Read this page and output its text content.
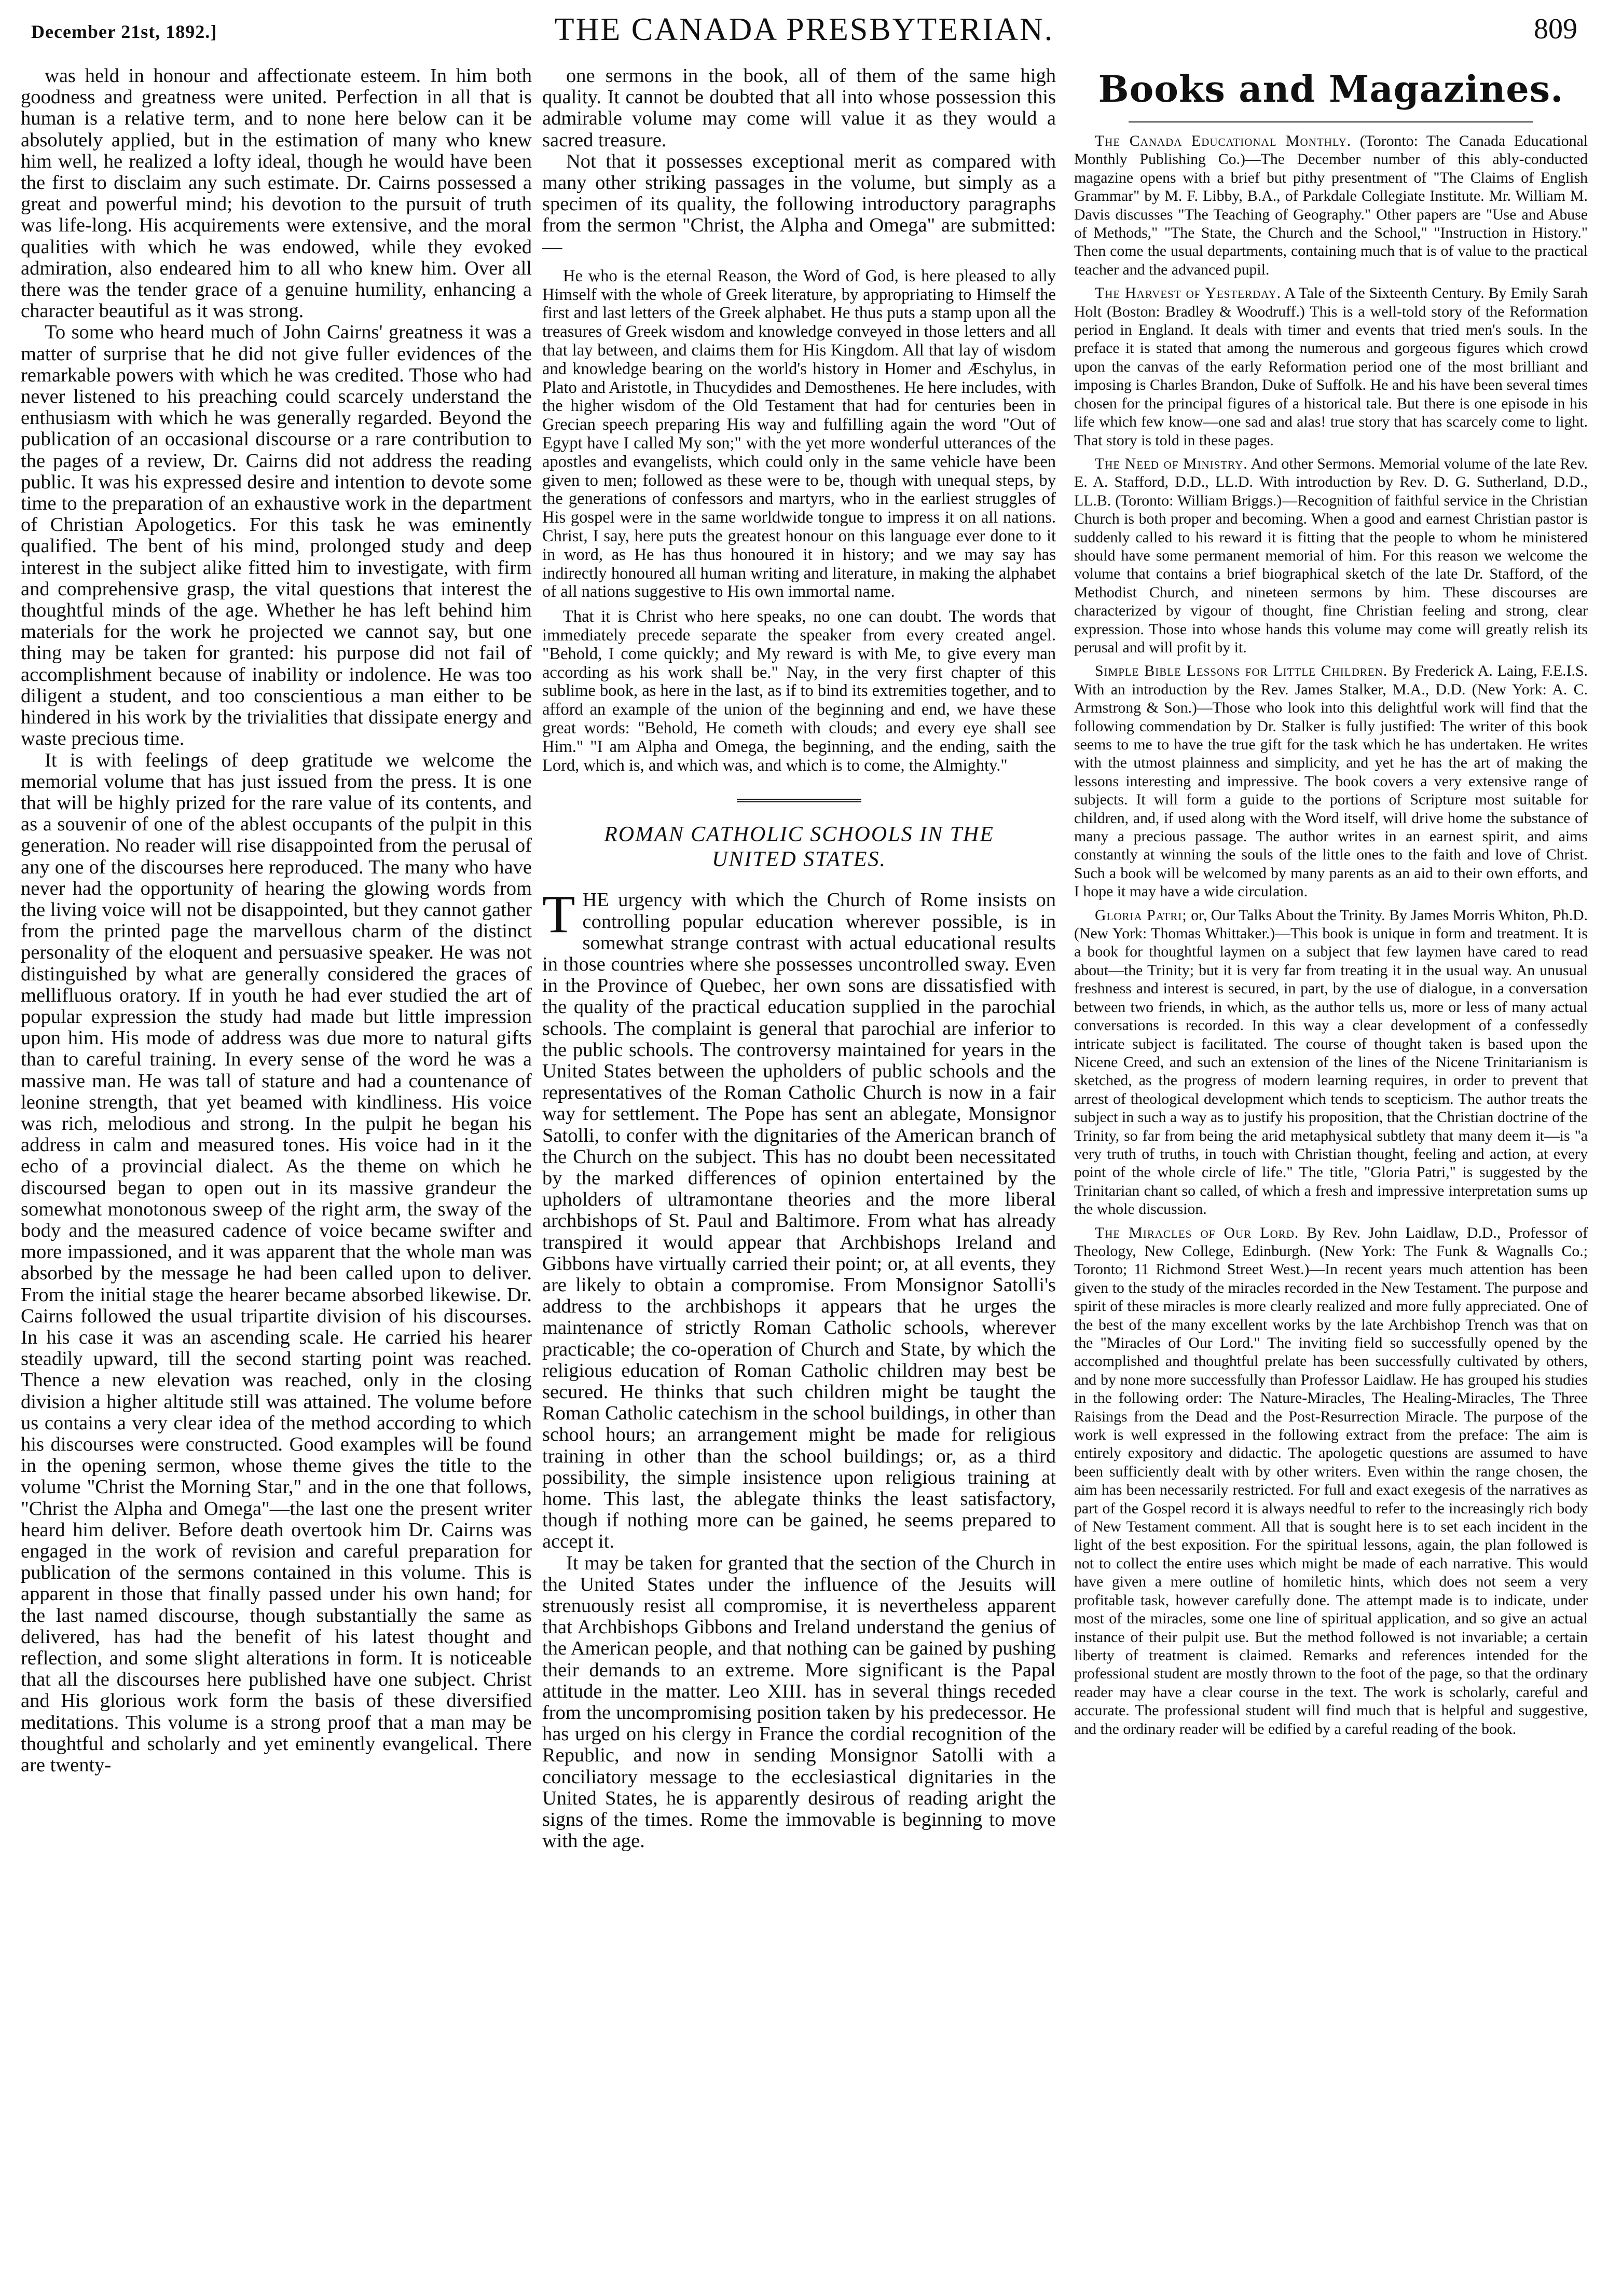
December 21st, 1892.]	THE CANADA PRESBYTERIAN.	809

was held in honour and affectionate esteem. In him both goodness and greatness were united. Perfection in all that is human is a relative term, and to none here below can it be absolutely applied, but in the estimation of many who knew him well, he realized a lofty ideal, though he would have been the first to disclaim any such estimate. Dr. Cairns possessed a great and powerful mind; his devotion to the pursuit of truth was life-long. His acquirements were extensive, and the moral qualities with which he was endowed, while they evoked admiration, also endeared him to all who knew him. Over all there was the tender grace of a genuine humility, enhancing a character beautiful as it was strong.

To some who heard much of John Cairns' greatness it was a matter of surprise that he did not give fuller evidences of the remarkable powers with which he was credited. Those who had never listened to his preaching could scarcely understand the enthusiasm with which he was generally regarded. Beyond the publication of an occasional discourse or a rare contribution to the pages of a review, Dr. Cairns did not address the reading public. It was his expressed desire and intention to devote some time to the preparation of an exhaustive work in the department of Christian Apologetics. For this task he was eminently qualified. The bent of his mind, prolonged study and deep interest in the subject alike fitted him to investigate, with firm and comprehensive grasp, the vital questions that interest the thoughtful minds of the age. Whether he has left behind him materials for the work he projected we cannot say, but one thing may be taken for granted: his purpose did not fail of accomplishment because of inability or indolence. He was too diligent a student, and too conscientious a man either to be hindered in his work by the trivialities that dissipate energy and waste precious time.

It is with feelings of deep gratitude we welcome the memorial volume that has just issued from the press. It is one that will be highly prized for the rare value of its contents, and as a souvenir of one of the ablest occupants of the pulpit in this generation. No reader will rise disappointed from the perusal of any one of the discourses here reproduced. The many who have never had the opportunity of hearing the glowing words from the living voice will not be disappointed, but they cannot gather from the printed page the marvellous charm of the distinct personality of the eloquent and persuasive speaker. He was not distinguished by what are generally considered the graces of mellifluous oratory. If in youth he had ever studied the art of popular expression the study had made but little impression upon him. His mode of address was due more to natural gifts than to careful training. In every sense of the word he was a massive man. He was tall of stature and had a countenance of leonine strength, that yet beamed with kindliness. His voice was rich, melodious and strong. In the pulpit he began his address in calm and measured tones. His voice had in it the echo of a provincial dialect. As the theme on which he discoursed began to open out in its massive grandeur the somewhat monotonous sweep of the right arm, the sway of the body and the measured cadence of voice became swifter and more impassioned, and it was apparent that the whole man was absorbed by the message he had been called upon to deliver. From the initial stage the hearer became absorbed likewise. Dr. Cairns followed the usual tripartite division of his discourses. In his case it was an ascending scale. He carried his hearer steadily upward, till the second starting point was reached. Thence a new elevation was reached, only in the closing division a higher altitude still was attained. The volume before us contains a very clear idea of the method according to which his discourses were constructed. Good examples will be found in the opening sermon, whose theme gives the title to the volume "Christ the Morning Star," and in the one that follows, "Christ the Alpha and Omega"—the last one the present writer heard him deliver. Before death overtook him Dr. Cairns was engaged in the work of revision and careful preparation for publication of the sermons contained in this volume. This is apparent in those that finally passed under his own hand; for the last named discourse, though substantially the same as delivered, has had the benefit of his latest thought and reflection, and some slight alterations in form. It is noticeable that all the discourses here published have one subject. Christ and His glorious work form the basis of these diversified meditations. This volume is a strong proof that a man may be thoughtful and scholarly and yet eminently evangelical. There are twenty-

one sermons in the book, all of them of the same high quality. It cannot be doubted that all into whose possession this admirable volume may come will value it as they would a sacred treasure.

Not that it possesses exceptional merit as compared with many other striking passages in the volume, but simply as a specimen of its quality, the following introductory paragraphs from the sermon "Christ, the Alpha and Omega" are submitted:—

He who is the eternal Reason, the Word of God, is here pleased to ally Himself with the whole of Greek literature, by appropriating to Himself the first and last letters of the Greek alphabet. He thus puts a stamp upon all the treasures of Greek wisdom and knowledge conveyed in those letters and all that lay between, and claims them for His Kingdom. All that lay of wisdom and knowledge bearing on the world's history in Homer and Æschylus, in Plato and Aristotle, in Thucydides and Demosthenes. He here includes, with the higher wisdom of the Old Testament that had for centuries been in Grecian speech preparing His way and fulfilling again the word "Out of Egypt have I called My son;" with the yet more wonderful utterances of the apostles and evangelists, which could only in the same vehicle have been given to men; followed as these were to be, though with unequal steps, by the generations of confessors and martyrs, who in the earliest struggles of His gospel were in the same worldwide tongue to impress it on all nations. Christ, I say, here puts the greatest honour on this language ever done to it in word, as He has thus honoured it in history; and we may say has indirectly honoured all human writing and literature, in making the alphabet of all nations suggestive to His own immortal name.

That it is Christ who here speaks, no one can doubt. The words that immediately precede separate the speaker from every created angel. "Behold, I come quickly; and My reward is with Me, to give every man according as his work shall be." Nay, in the very first chapter of this sublime book, as here in the last, as if to bind its extremities together, and to afford an example of the union of the beginning and end, we have these great words: "Behold, He cometh with clouds; and every eye shall see Him." "I am Alpha and Omega, the beginning, and the ending, saith the Lord, which is, and which was, and which is to come, the Almighty."

ROMAN CATHOLIC SCHOOLS IN THE UNITED STATES.

THE urgency with which the Church of Rome insists on controlling popular education wherever possible, is in somewhat strange contrast with actual educational results in those countries where she possesses uncontrolled sway. Even in the Province of Quebec, her own sons are dissatisfied with the quality of the practical education supplied in the parochial schools. The complaint is general that parochial are inferior to the public schools. The controversy maintained for years in the United States between the upholders of public schools and the representatives of the Roman Catholic Church is now in a fair way for settlement. The Pope has sent an ablegate, Monsignor Satolli, to confer with the dignitaries of the American branch of the Church on the subject. This has no doubt been necessitated by the marked differences of opinion entertained by the upholders of ultramontane theories and the more liberal archbishops of St. Paul and Baltimore. From what has already transpired it would appear that Archbishops Ireland and Gibbons have virtually carried their point; or, at all events, they are likely to obtain a compromise. From Monsignor Satolli's address to the archbishops it appears that he urges the maintenance of strictly Roman Catholic schools, wherever practicable; the co-operation of Church and State, by which the religious education of Roman Catholic children may best be secured. He thinks that such children might be taught the Roman Catholic catechism in the school buildings, in other than school hours; an arrangement might be made for religious training in other than the school buildings; or, as a third possibility, the simple insistence upon religious training at home. This last, the ablegate thinks the least satisfactory, though if nothing more can be gained, he seems prepared to accept it.

It may be taken for granted that the section of the Church in the United States under the influence of the Jesuits will strenuously resist all compromise, it is nevertheless apparent that Archbishops Gibbons and Ireland understand the genius of the American people, and that nothing can be gained by pushing their demands to an extreme. More significant is the Papal attitude in the matter. Leo XIII. has in several things receded from the uncompromising position taken by his predecessor. He has urged on his clergy in France the cordial recognition of the Republic, and now in sending Monsignor Satolli with a conciliatory message to the ecclesiastical dignitaries in the United States, he is apparently desirous of reading aright the signs of the times. Rome the immovable is beginning to move with the age.

Books and Magazines.

The Canada Educational Monthly. (Toronto: The Canada Educational Monthly Publishing Co.)—The December number of this ably-conducted magazine opens with a brief but pithy presentment of "The Claims of English Grammar" by M. F. Libby, B.A., of Parkdale Collegiate Institute. Mr. William M. Davis discusses "The Teaching of Geography." Other papers are "Use and Abuse of Methods," "The State, the Church and the School," "Instruction in History." Then come the usual departments, containing much that is of value to the practical teacher and the advanced pupil.

The Harvest of Yesterday. A Tale of the Sixteenth Century. By Emily Sarah Holt (Boston: Bradley & Woodruff.) This is a well-told story of the Reformation period in England. It deals with timer and events that tried men's souls. In the preface it is stated that among the numerous and gorgeous figures which crowd upon the canvas of the early Reformation period one of the most brilliant and imposing is Charles Brandon, Duke of Suffolk. He and his have been several times chosen for the principal figures of a historical tale. But there is one episode in his life which few know—one sad and alas! true story that has scarcely come to light. That story is told in these pages.

The Need of Ministry. And other Sermons. Memorial volume of the late Rev. E. A. Stafford, D.D., LL.D. With introduction by Rev. D. G. Sutherland, D.D., LL.B. (Toronto: William Briggs.)—Recognition of faithful service in the Christian Church is both proper and becoming. When a good and earnest Christian pastor is suddenly called to his reward it is fitting that the people to whom he ministered should have some permanent memorial of him. For this reason we welcome the volume that contains a brief biographical sketch of the late Dr. Stafford, of the Methodist Church, and nineteen sermons by him. These discourses are characterized by vigour of thought, fine Christian feeling and strong, clear expression. Those into whose hands this volume may come will greatly relish its perusal and will profit by it.

Simple Bible Lessons for Little Children. By Frederick A. Laing, F.E.I.S. With an introduction by the Rev. James Stalker, M.A., D.D. (New York: A. C. Armstrong & Son.)—Those who look into this delightful work will find that the following commendation by Dr. Stalker is fully justified: The writer of this book seems to me to have the true gift for the task which he has undertaken. He writes with the utmost plainness and simplicity, and yet he has the art of making the lessons interesting and impressive. The book covers a very extensive range of subjects. It will form a guide to the portions of Scripture most suitable for children, and, if used along with the Word itself, will drive home the substance of many a precious passage. The author writes in an earnest spirit, and aims constantly at winning the souls of the little ones to the faith and love of Christ. Such a book will be welcomed by many parents as an aid to their own efforts, and I hope it may have a wide circulation.

Gloria Patri; or, Our Talks About the Trinity. By James Morris Whiton, Ph.D. (New York: Thomas Whittaker.)—This book is unique in form and treatment. It is a book for thoughtful laymen on a subject that few laymen have cared to read about—the Trinity; but it is very far from treating it in the usual way. An unusual freshness and interest is secured, in part, by the use of dialogue, in a conversation between two friends, in which, as the author tells us, more or less of many actual conversations is recorded. In this way a clear development of a confessedly intricate subject is facilitated. The course of thought taken is based upon the Nicene Creed, and such an extension of the lines of the Nicene Trinitarianism is sketched, as the progress of modern learning requires, in order to prevent that arrest of theological development which tends to scepticism. The author treats the subject in such a way as to justify his proposition, that the Christian doctrine of the Trinity, so far from being the arid metaphysical subtlety that many deem it—is "a very truth of truths, in touch with Christian thought, feeling and action, at every point of the whole circle of life." The title, "Gloria Patri," is suggested by the Trinitarian chant so called, of which a fresh and impressive interpretation sums up the whole discussion.

The Miracles of Our Lord. By Rev. John Laidlaw, D.D., Professor of Theology, New College, Edinburgh. (New York: The Funk & Wagnalls Co.; Toronto; 11 Richmond Street West.)—In recent years much attention has been given to the study of the miracles recorded in the New Testament. The purpose and spirit of these miracles is more clearly realized and more fully appreciated. One of the best of the many excellent works by the late Archbishop Trench was that on the "Miracles of Our Lord." The inviting field so successfully opened by the accomplished and thoughtful prelate has been successfully cultivated by others, and by none more successfully than Professor Laidlaw. He has grouped his studies in the following order: The Nature-Miracles, The Healing-Miracles, The Three Raisings from the Dead and the Post-Resurrection Miracle. The purpose of the work is well expressed in the following extract from the preface: The aim is entirely expository and didactic. The apologetic questions are assumed to have been sufficiently dealt with by other writers. Even within the range chosen, the aim has been necessarily restricted. For full and exact exegesis of the narratives as part of the Gospel record it is always needful to refer to the increasingly rich body of New Testament comment. All that is sought here is to set each incident in the light of the best exposition. For the spiritual lessons, again, the plan followed is not to collect the entire uses which might be made of each narrative. This would have given a mere outline of homiletic hints, which does not seem a very profitable task, however carefully done. The attempt made is to indicate, under most of the miracles, some one line of spiritual application, and so give an actual instance of their pulpit use. But the method followed is not invariable; a certain liberty of treatment is claimed. Remarks and references intended for the professional student are mostly thrown to the foot of the page, so that the ordinary reader may have a clear course in the text. The work is scholarly, careful and accurate. The professional student will find much that is helpful and suggestive, and the ordinary reader will be edified by a careful reading of the book.
